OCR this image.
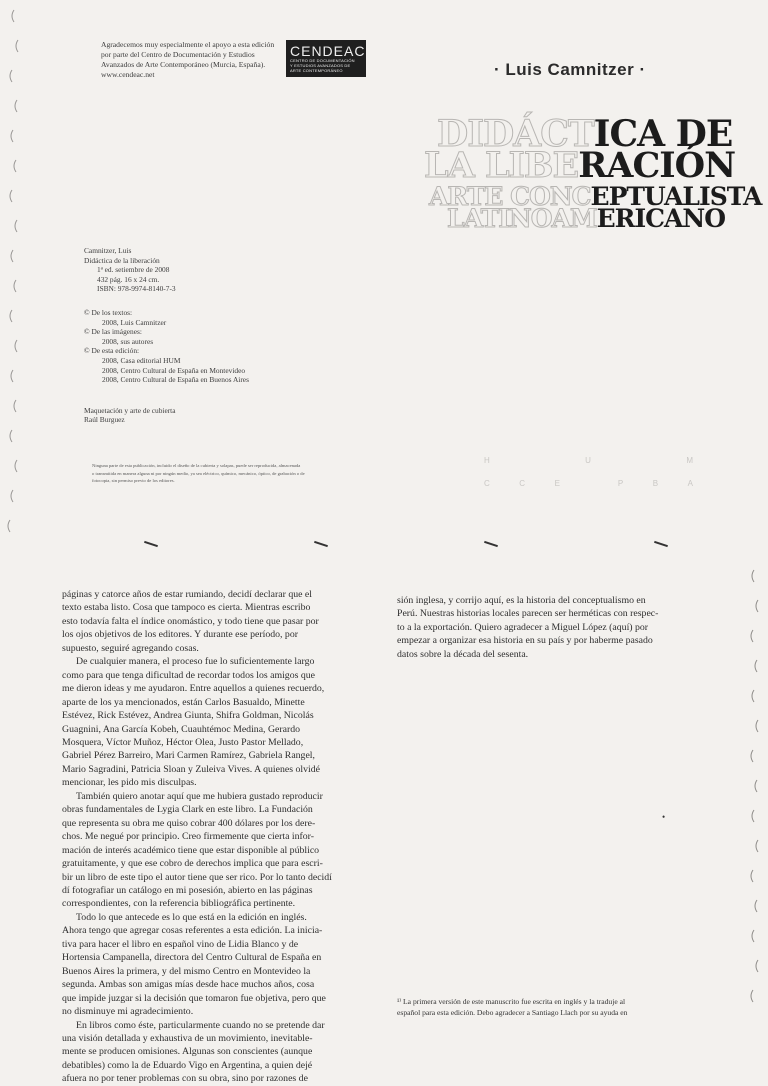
Agradecemos muy especialmente el apoyo a esta edición
por parte del Centro de Documentación y Estudios
Avanzados de Arte Contemporáneo (Murcia, España).
www.cendeac.net
CENDEAC
CENTRO DE DOCUMENTACIÓN
Y ESTUDIOS AVANZADOS DE
ARTE CONTEMPORÁNEO	· Luis Camnitzer ·
DIDÁCTICA DE
LA LIBERACIÓN
ARTE CONCEPTUALISTA
LATINOAMERICANO
Camnitzer, Luis
Didáctica de la liberación
1ª ed. setiembre de 2008
432 pág. 16 x 24 cm.
ISBN: 978-9974-8140-7-3
© De los textos:
2008, Luis Camnitzer
© De las imágenes:
2008, sus autores
© De esta edición:
2008, Casa editorial HUM
2008, Centro Cultural de España en Montevideo
2008, Centro Cultural de España en Buenos Aires
Maquetación y arte de cubierta
Raúl Burguez
Ninguna parte de esta publicación, incluido el diseño de la cubierta y solapas, puede ser reproducida, almacenada
o transmitida en manera alguna ni por ningún medio, ya sea eléctrico, químico, mecánico, óptico, de grabación o de
fotocopia, sin permiso previo de los editores.
H	U	M
C	C	E	P	B	A
páginas y catorce años de estar rumiando, decidí declarar que el
texto estaba listo. Cosa que tampoco es cierta. Mientras escribo
esto todavía falta el índice onomástico, y todo tiene que pasar por
los ojos objetivos de los editores. Y durante ese período, por
supuesto, seguiré agregando cosas.
De cualquier manera, el proceso fue lo suficientemente largo
como para que tenga dificultad de recordar todos los amigos que
me dieron ideas y me ayudaron. Entre aquellos a quienes recuerdo,
aparte de los ya mencionados, están Carlos Basualdo, Minette
Estévez, Rick Estévez, Andrea Giunta, Shifra Goldman, Nicolás
Guagnini, Ana García Kobeh, Cuauhtémoc Medina, Gerardo
Mosquera, Víctor Muñoz, Héctor Olea, Justo Pastor Mellado,
Gabriel Pérez Barreiro, Mari Carmen Ramírez, Gabriela Rangel,
Mario Sagradini, Patricia Sloan y Zuleiva Vives. A quienes olvidé
mencionar, les pido mis disculpas.
También quiero anotar aquí que me hubiera gustado reproducir
obras fundamentales de Lygia Clark en este libro. La Fundación
que representa su obra me quiso cobrar 400 dólares por los dere-
chos. Me negué por principio. Creo firmemente que cierta infor-
mación de interés académico tiene que estar disponible al público
gratuitamente, y que ese cobro de derechos implica que para escri-
bir un libro de este tipo el autor tiene que ser rico. Por lo tanto decidí
dí fotografiar un catálogo en mi posesión, abierto en las páginas
correspondientes, con la referencia bibliográfica pertinente.
Todo lo que antecede es lo que está en la edición en inglés.
Ahora tengo que agregar cosas referentes a esta edición. La inicia-
tiva para hacer el libro en español vino de Lidia Blanco y de
Hortensia Campanella, directora del Centro Cultural de España en
Buenos Aires la primera, y del mismo Centro en Montevideo la
segunda. Ambas son amigas mías desde hace muchos años, cosa
que impide juzgar si la decisión que tomaron fue objetiva, pero que
no disminuye mi agradecimiento.
En libros como éste, particularmente cuando no se pretende dar
una visión detallada y exhaustiva de un movimiento, inevitable-
mente se producen omisiones. Algunas son conscientes (aunque
debatibles) como la de Eduardo Vigo en Argentina, a quien dejé
afuera no por tener problemas con su obra, sino por razones de
sión inglesa, y corrijo aquí, es la historia del conceptualismo en
Perú. Nuestras historias locales parecen ser herméticas con respec-
to a la exportación. Quiero agradecer a Miguel López (aquí) por
empezar a organizar esa historia en su país y por haberme pasado
datos sobre la década del sesenta.
•
¹⁾ La primera versión de este manuscrito fue escrita en inglés y la traduje al
español para esta edición. Debo agradecer a Santiago Llach por su ayuda en
